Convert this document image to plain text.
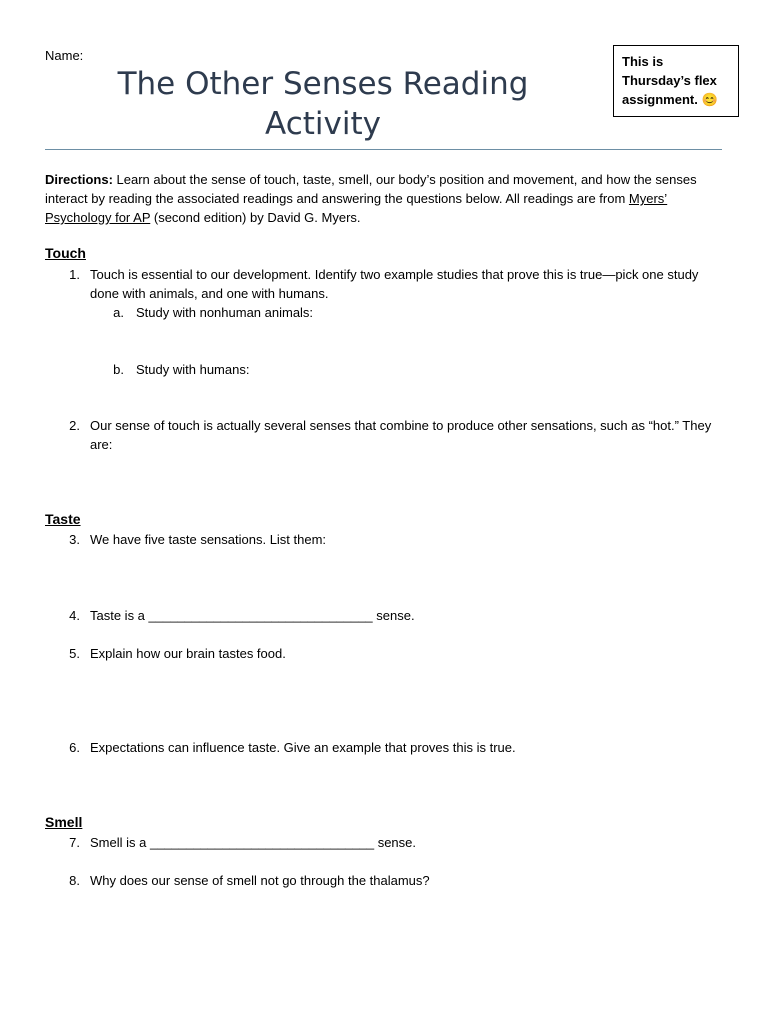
Name:
The Other Senses Reading
Activity
This is Thursday’s flex assignment. 😊
Directions: Learn about the sense of touch, taste, smell, our body’s position and movement, and how the senses interact by reading the associated readings and answering the questions below. All readings are from Myers’ Psychology for AP (second edition) by David G. Myers.
Touch
1. Touch is essential to our development. Identify two example studies that prove this is true—pick one study done with animals, and one with humans.
a. Study with nonhuman animals:
b. Study with humans:
2. Our sense of touch is actually several senses that combine to produce other sensations, such as “hot.” They are:
Taste
3. We have five taste sensations. List them:
4. Taste is a _______________________________ sense.
5. Explain how our brain tastes food.
6. Expectations can influence taste. Give an example that proves this is true.
Smell
7. Smell is a _______________________________ sense.
8. Why does our sense of smell not go through the thalamus?
